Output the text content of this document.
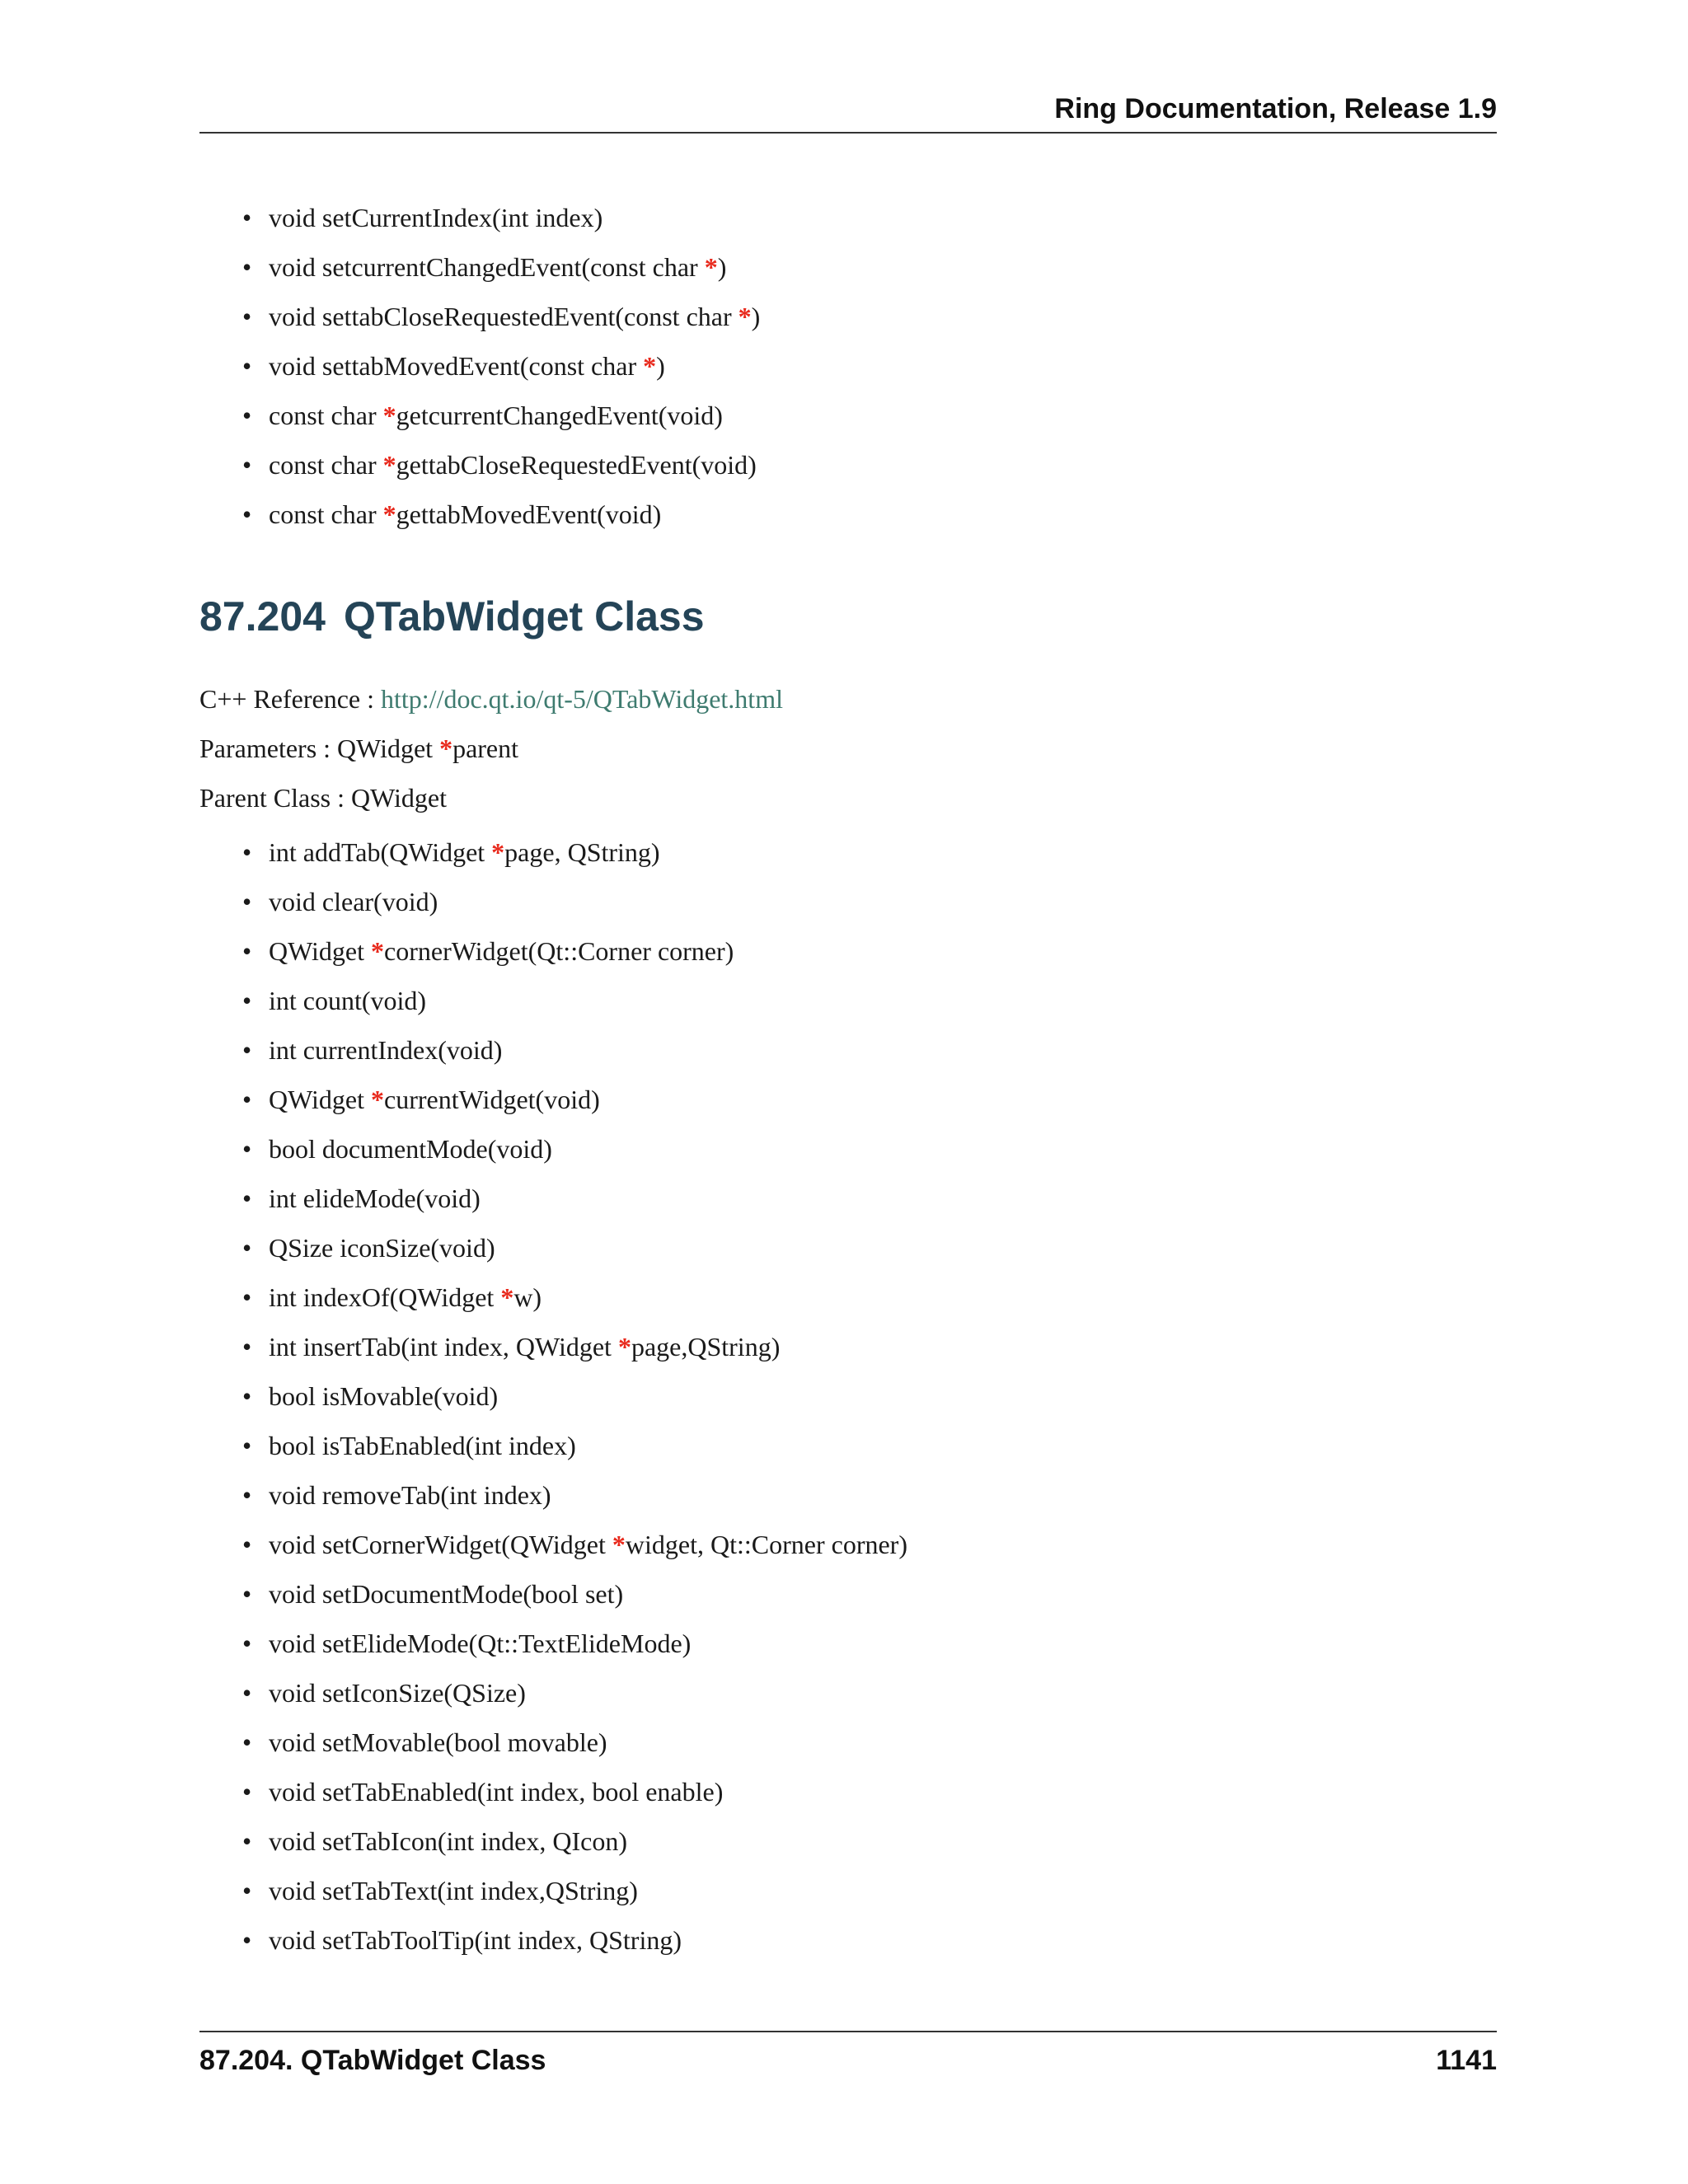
Ring Documentation, Release 1.9
• void setCurrentIndex(int index)
• void setcurrentChangedEvent(const char *)
• void settabCloseRequestedEvent(const char *)
• void settabMovedEvent(const char *)
• const char *getcurrentChangedEvent(void)
• const char *gettabCloseRequestedEvent(void)
• const char *gettabMovedEvent(void)
87.204 QTabWidget Class
C++ Reference : http://doc.qt.io/qt-5/QTabWidget.html
Parameters : QWidget *parent
Parent Class : QWidget
• int addTab(QWidget *page, QString)
• void clear(void)
• QWidget *cornerWidget(Qt::Corner corner)
• int count(void)
• int currentIndex(void)
• QWidget *currentWidget(void)
• bool documentMode(void)
• int elideMode(void)
• QSize iconSize(void)
• int indexOf(QWidget *w)
• int insertTab(int index, QWidget *page,QString)
• bool isMovable(void)
• bool isTabEnabled(int index)
• void removeTab(int index)
• void setCornerWidget(QWidget *widget, Qt::Corner corner)
• void setDocumentMode(bool set)
• void setElideMode(Qt::TextElideMode)
• void setIconSize(QSize)
• void setMovable(bool movable)
• void setTabEnabled(int index, bool enable)
• void setTabIcon(int index, QIcon)
• void setTabText(int index,QString)
• void setTabToolTip(int index, QString)
87.204. QTabWidget Class	1141
